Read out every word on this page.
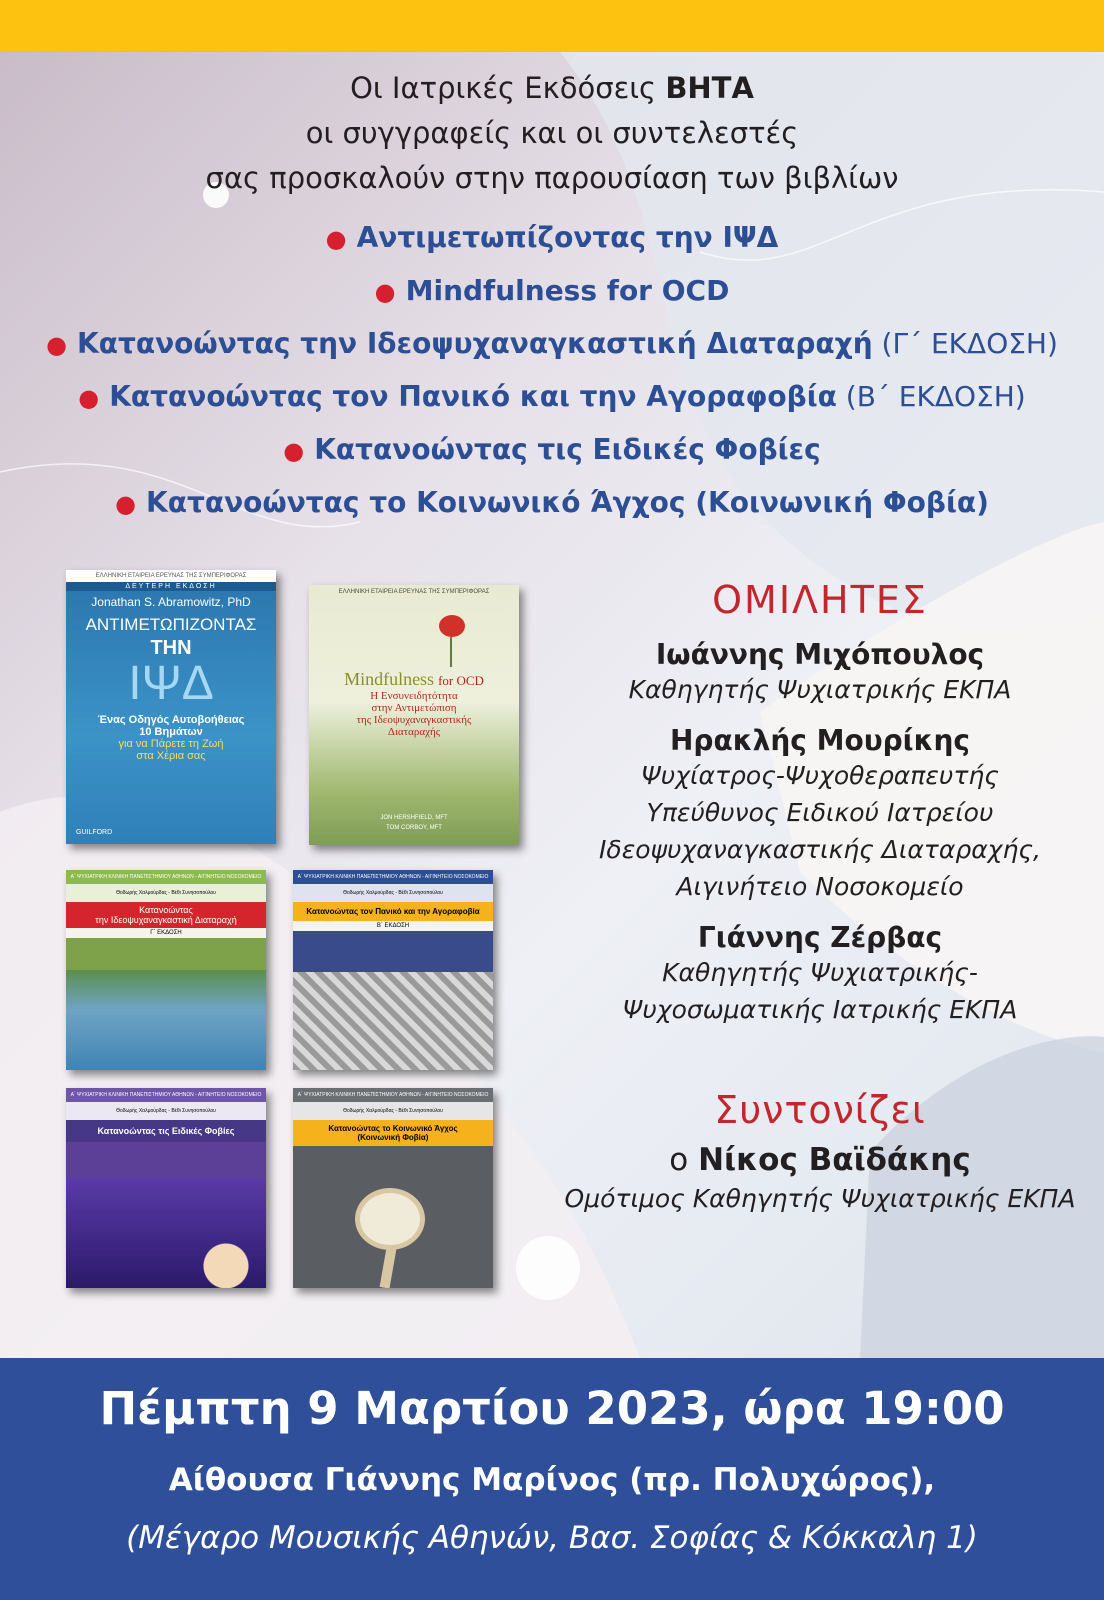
Οι Ιατρικές Εκδόσεις ΒΗΤΑ
οι συγγραφείς και οι συντελεστές
σας προσκαλούν στην παρουσίαση των βιβλίων
● Αντιμετωπίζοντας την ΙΨΔ
● Mindfulness for OCD
● Κατανοώντας την Ιδεοψυχαναγκαστική Διαταραχή (Γ΄ ΕΚΔΟΣΗ)
● Κατανοώντας τον Πανικό και την Αγοραφοβία (Β΄ ΕΚΔΟΣΗ)
● Κατανοώντας τις Ειδικές Φοβίες
● Κατανοώντας το Κοινωνικό Άγχος (Κοινωνική Φοβία)
ΕΛΛΗΝΙΚΗ ΕΤΑΙΡΕΙΑ ΕΡΕΥΝΑΣ ΤΗΣ ΣΥΜΠΕΡΙΦΟΡΑΣ
ΔΕΥΤΕΡΗ ΕΚΔΟΣΗ
Jonathan S. Abramowitz, PhD
ΑΝΤΙΜΕΤΩΠΙΖΟΝΤΑΣ
ΤΗΝ
ΙΨΔ
Ένας Οδηγός Αυτοβοήθειας
10 Βημάτων
για να Πάρετε τη Ζωή
στα Χέρια σας
GUILFORD
ΕΛΛΗΝΙΚΗ ΕΤΑΙΡΕΙΑ ΕΡΕΥΝΑΣ ΤΗΣ ΣΥΜΠΕΡΙΦΟΡΑΣ
Mindfulness for OCD
Η Ενσυνειδητότητα
στην Αντιμετώπιση
της Ιδεοψυχαναγκαστικής
Διαταραχής
JON HERSHFIELD, MFT
TOM CORBOY, MFT
Α΄ ΨΥΧΙΑΤΡΙΚΗ ΚΛΙΝΙΚΗ ΠΑΝΕΠΙΣΤΗΜΙΟΥ ΑΘΗΝΩΝ - ΑΙΓΙΝΗΤΕΙΟ ΝΟΣΟΚΟΜΕΙΟ
Θοδωρής Χαλμούρδας - Βέθι Συνησοπούλου
Κατανοώντας
την Ιδεοψυχαναγκαστική Διαταραχή
Γ΄ ΕΚΔΟΣΗ
Α΄ ΨΥΧΙΑΤΡΙΚΗ ΚΛΙΝΙΚΗ ΠΑΝΕΠΙΣΤΗΜΙΟΥ ΑΘΗΝΩΝ - ΑΙΓΙΝΗΤΕΙΟ ΝΟΣΟΚΟΜΕΙΟ
Θοδωρής Χαλμούρδας - Βέθι Συνησοπούλου
Κατανοώντας τον Πανικό και την Αγοραφοβία
Β΄ ΕΚΔΟΣΗ
Α΄ ΨΥΧΙΑΤΡΙΚΗ ΚΛΙΝΙΚΗ ΠΑΝΕΠΙΣΤΗΜΙΟΥ ΑΘΗΝΩΝ - ΑΙΓΙΝΗΤΕΙΟ ΝΟΣΟΚΟΜΕΙΟ
Θοδωρής Χαλμούρδας - Βέθι Συνησοπούλου
Κατανοώντας τις Ειδικές Φοβίες
Α΄ ΨΥΧΙΑΤΡΙΚΗ ΚΛΙΝΙΚΗ ΠΑΝΕΠΙΣΤΗΜΙΟΥ ΑΘΗΝΩΝ - ΑΙΓΙΝΗΤΕΙΟ ΝΟΣΟΚΟΜΕΙΟ
Θοδωρής Χαλμούρδας - Βέθι Συνησοπούλου
Κατανοώντας το Κοινωνικό Άγχος
(Κοινωνική Φοβία)
ΟΜΙΛΗΤΕΣ
Ιωάννης Μιχόπουλος
Καθηγητής Ψυχιατρικής ΕΚΠΑ
Ηρακλής Μουρίκης
Ψυχίατρος-Ψυχοθεραπευτής
Υπεύθυνος Ειδικού Ιατρείου
Ιδεοψυχαναγκαστικής Διαταραχής,
Αιγινήτειο Νοσοκομείο
Γιάννης Ζέρβας
Καθηγητής Ψυχιατρικής-
Ψυχοσωματικής Ιατρικής ΕΚΠΑ
Συντονίζει
ο Νίκος Βαϊδάκης
Ομότιμος Καθηγητής Ψυχιατρικής ΕΚΠΑ
Πέμπτη 9 Μαρτίου 2023, ώρα 19:00
Αίθουσα Γιάννης Μαρίνος (πρ. Πολυχώρος),
(Μέγαρο Μουσικής Αθηνών, Βασ. Σοφίας & Κόκκαλη 1)
